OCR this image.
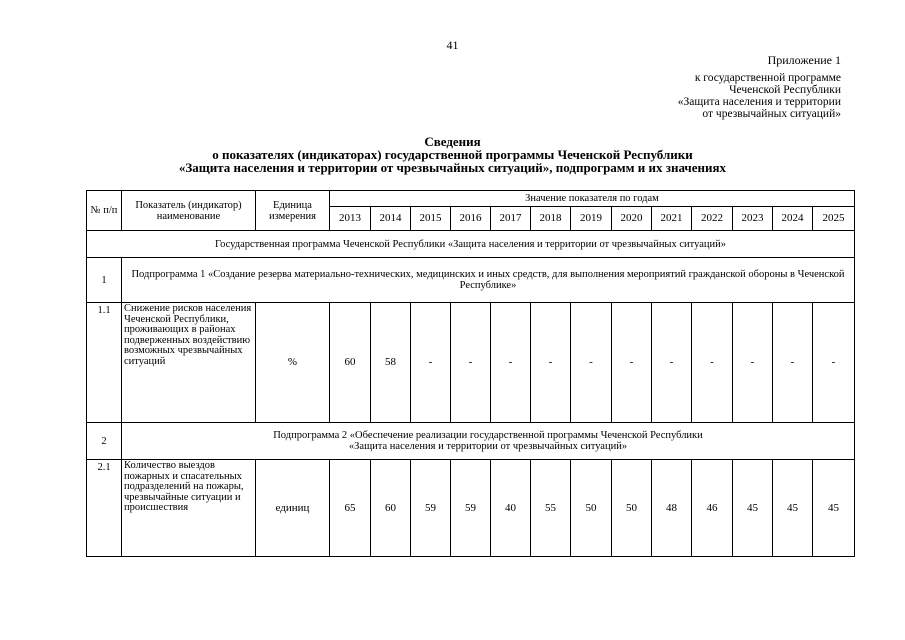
41
Приложение 1
к государственной программе
Чеченской Республики
«Защита населения и территории
от чрезвычайных ситуаций»
Сведения
о показателях (индикаторах) государственной программы Чеченской Республики
«Защита населения и территории от чрезвычайных ситуаций», подпрограмм и их значениях
№ п/п	Показатель (индикатор) наименование	Единица измерения	Значение показателя по годам												
			2013	2014	2015	2016	2017	2018	2019	2020	2021	2022	2023	2024	2025
Государственная программа Чеченской Республики «Защита населения и территории от чрезвычайных ситуаций»															
1	Подпрограмма 1 «Создание резерва материально-технических, медицинских и иных средств, для выполнения мероприятий гражданской обороны в Чеченской Республике»														
1.1	Снижение рисков населения Чеченской Республики, проживающих в районах подверженных воздействию возможных чрезвычайных ситуаций	%	60	58	-	-	-	-	-	-	-	-	-	-	-
2	Подпрограмма 2 «Обеспечение реализации государственной программы Чеченской Республики
«Защита населения и территории от чрезвычайных ситуаций»														

2.1	Количество выездов пожарных и спасательных подразделений на пожары, чрезвычайные ситуации и происшествия	единиц	65	60	59	59	40	55	50	50	48	46	45	45	45
